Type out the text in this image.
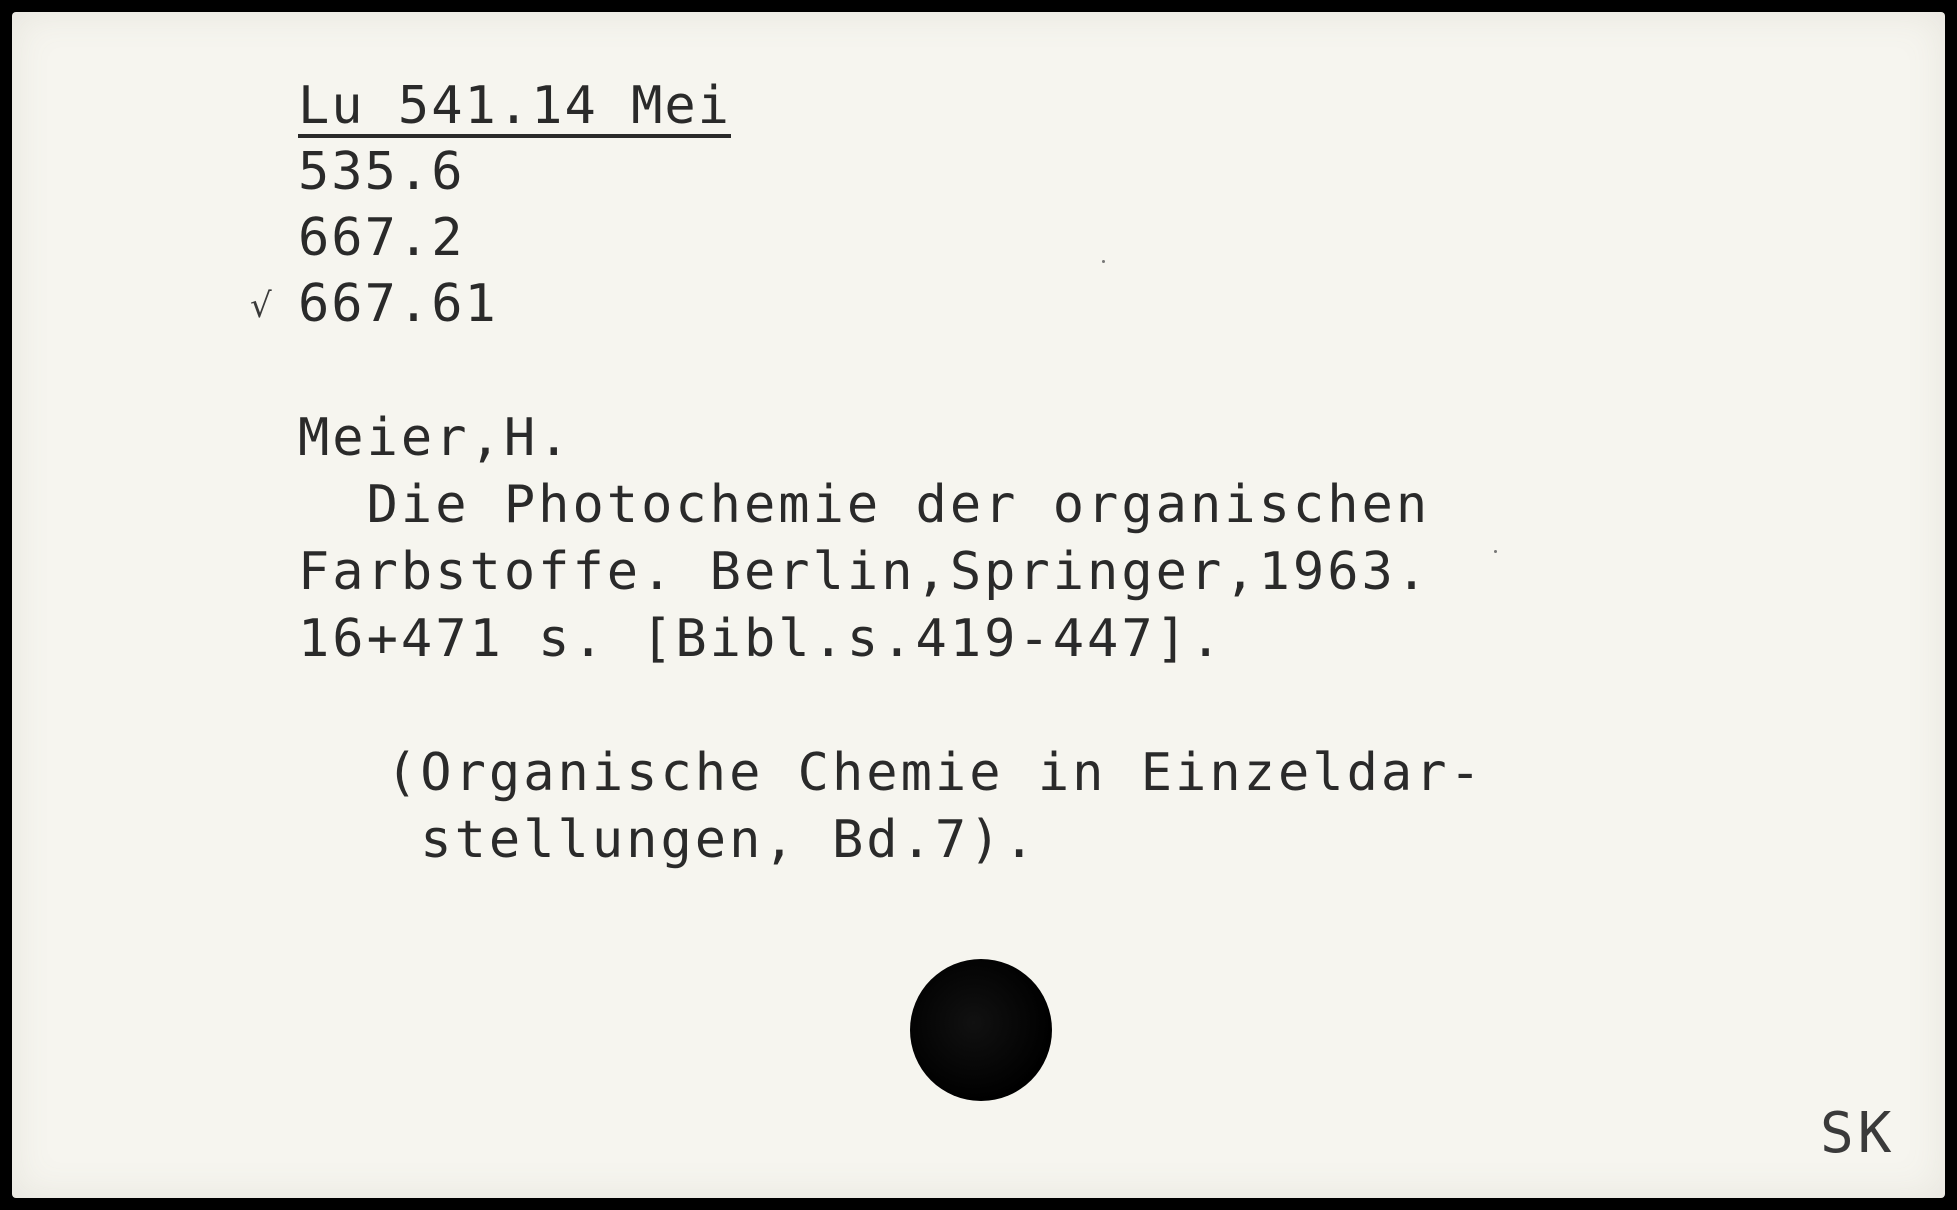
Lu 541.14 Mei
535.6
667.2
√ 667.61
Meier,H.
Die Photochemie der organischen
Farbstoffe. Berlin,Springer,1963.
16+471 s. [Bibl.s.419-447].
(Organische Chemie in Einzeldar-
stellungen, Bd.7).
SK
